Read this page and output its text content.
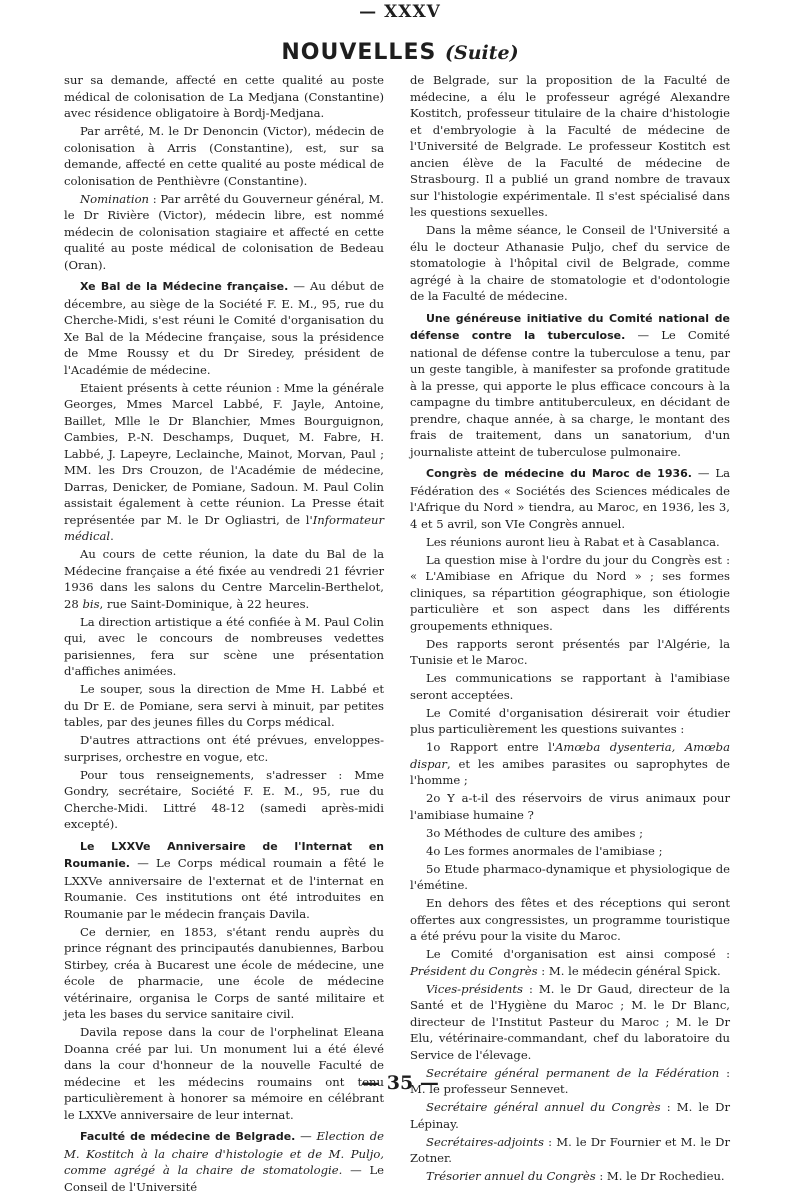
— XXXV
NOUVELLES (Suite)

sur sa demande, affecté en cette qualité au poste médical de colonisation de La Medjana (Constantine) avec résidence obligatoire à Bordj-Medjana.

Par arrêté, M. le Dr Denoncin (Victor), médecin de colonisation à Arris (Constantine), est, sur sa demande, affecté en cette qualité au poste médical de colonisation de Penthièvre (Constantine).

Nomination : Par arrêté du Gouverneur général, M. le Dr Rivière (Victor), médecin libre, est nommé médecin de colonisation stagiaire et affecté en cette qualité au poste médical de colonisation de Bedeau (Oran).

Xe Bal de la Médecine française. — Au début de décembre, au siège de la Société F. E. M., 95, rue du Cherche-Midi, s'est réuni le Comité d'organisation du Xe Bal de la Médecine française, sous la présidence de Mme Roussy et du Dr Siredey, président de l'Académie de médecine.

Etaient présents à cette réunion : Mme la générale Georges, Mmes Marcel Labbé, F. Jayle, Antoine, Baillet, Mlle le Dr Blanchier, Mmes Bourguignon, Cambies, P.-N. Deschamps, Duquet, M. Fabre, H. Labbé, J. Lapeyre, Leclainche, Mainot, Morvan, Paul ; MM. les Drs Crouzon, de l'Académie de médecine, Darras, Denicker, de Pomiane, Sadoun. M. Paul Colin assistait également à cette réunion. La Presse était représentée par M. le Dr Ogliastri, de l'Informateur médical.

Au cours de cette réunion, la date du Bal de la Médecine française a été fixée au vendredi 21 février 1936 dans les salons du Centre Marcelin-Berthelot, 28 bis, rue Saint-Dominique, à 22 heures.

La direction artistique a été confiée à M. Paul Colin qui, avec le concours de nombreuses vedettes parisiennes, fera sur scène une présentation d'affiches animées.

Le souper, sous la direction de Mme H. Labbé et du Dr E. de Pomiane, sera servi à minuit, par petites tables, par des jeunes filles du Corps médical.

D'autres attractions ont été prévues, enveloppes-surprises, orchestre en vogue, etc.

Pour tous renseignements, s'adresser : Mme Gondry, secrétaire, Société F. E. M., 95, rue du Cherche-Midi. Littré 48-12 (samedi après-midi excepté).

Le LXXVe Anniversaire de l'Internat en Roumanie. — Le Corps médical roumain a fêté le LXXVe anniversaire de l'externat et de l'internat en Roumanie. Ces institutions ont été introduites en Roumanie par le médecin français Davila.

Ce dernier, en 1853, s'étant rendu auprès du prince régnant des principautés danubiennes, Barbou Stirbey, créa à Bucarest une école de médecine, une école de pharmacie, une école de médecine vétérinaire, organisa le Corps de santé militaire et jeta les bases du service sanitaire civil.

Davila repose dans la cour de l'orphelinat Eleana Doanna créé par lui. Un monument lui a été élevé dans la cour d'honneur de la nouvelle Faculté de médecine et les médecins roumains ont tenu particulièrement à honorer sa mémoire en célébrant le LXXVe anniversaire de leur internat.

Faculté de médecine de Belgrade. — Election de M. Kostitch à la chaire d'histologie et de M. Puljo, comme agrégé à la chaire de stomatologie. — Le Conseil de l'Université

de Belgrade, sur la proposition de la Faculté de médecine, a élu le professeur agrégé Alexandre Kostitch, professeur titulaire de la chaire d'histologie et d'embryologie à la Faculté de médecine de l'Université de Belgrade. Le professeur Kostitch est ancien élève de la Faculté de médecine de Strasbourg. Il a publié un grand nombre de travaux sur l'histologie expérimentale. Il s'est spécialisé dans les questions sexuelles.

Dans la même séance, le Conseil de l'Université a élu le docteur Athanasie Puljo, chef du service de stomatologie à l'hôpital civil de Belgrade, comme agrégé à la chaire de stomatologie et d'odontologie de la Faculté de médecine.

Une généreuse initiative du Comité national de défense contre la tuberculose. — Le Comité national de défense contre la tuberculose a tenu, par un geste tangible, à manifester sa profonde gratitude à la presse, qui apporte le plus efficace concours à la campagne du timbre antituberculeux, en décidant de prendre, chaque année, à sa charge, le montant des frais de traitement, dans un sanatorium, d'un journaliste atteint de tuberculose pulmonaire.

Congrès de médecine du Maroc de 1936. — La Fédération des « Sociétés des Sciences médicales de l'Afrique du Nord » tiendra, au Maroc, en 1936, les 3, 4 et 5 avril, son VIe Congrès annuel.

Les réunions auront lieu à Rabat et à Casablanca.

La question mise à l'ordre du jour du Congrès est : « L'Amibiase en Afrique du Nord » ; ses formes cliniques, sa répartition géographique, son étiologie particulière et son aspect dans les différents groupements ethniques.

Des rapports seront présentés par l'Algérie, la Tunisie et le Maroc.

Les communications se rapportant à l'amibiase seront acceptées.

Le Comité d'organisation désirerait voir étudier plus particulièrement les questions suivantes :

1o Rapport entre l'Amœba dysenteria, Amœba dispar, et les amibes parasites ou saprophytes de l'homme ;

2o Y a-t-il des réservoirs de virus animaux pour l'amibiase humaine ?

3o Méthodes de culture des amibes ;

4o Les formes anormales de l'amibiase ;

5o Etude pharmaco-dynamique et physiologique de l'émétine.

En dehors des fêtes et des réceptions qui seront offertes aux congressistes, un programme touristique a été prévu pour la visite du Maroc.

Le Comité d'organisation est ainsi composé : Président du Congrès : M. le médecin général Spick.

Vices-présidents : M. le Dr Gaud, directeur de la Santé et de l'Hygiène du Maroc ; M. le Dr Blanc, directeur de l'Institut Pasteur du Maroc ; M. le Dr Elu, vétérinaire-commandant, chef du laboratoire du Service de l'élevage.

Secrétaire général permanent de la Fédération : M. le professeur Sennevet.

Secrétaire général annuel du Congrès : M. le Dr Lépinay.

Secrétaires-adjoints : M. le Dr Fournier et M. le Dr Zotner.

Trésorier annuel du Congrès : M. le Dr Rochedieu.

— 35 —
